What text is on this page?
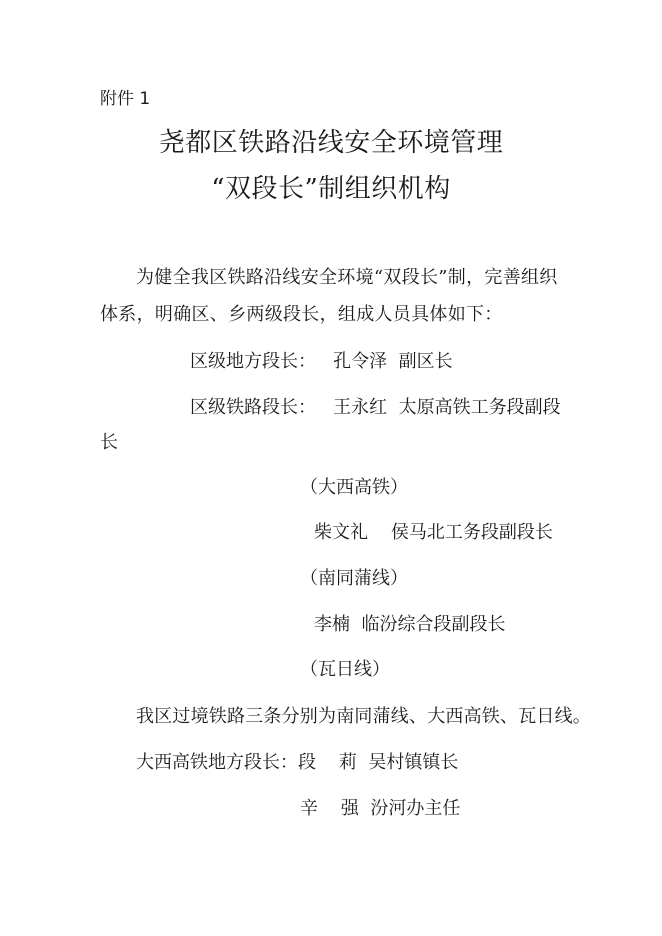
附件 1
尧都区铁路沿线安全环境管理
“双段长”制组织机构
为健全我区铁路沿线安全环境“双段长”制，完善组织
体系，明确区、乡两级段长，组成人员具体如下：
区级地方段长：   孔令泽  副区长
区级铁路段长：   王永红  太原高铁工务段副段
长
（大西高铁）
柴文礼    侯马北工务段副段长
（南同蒲线）
李楠  临汾综合段副段长
（瓦日线）
我区过境铁路三条分别为南同蒲线、大西高铁、瓦日线。
大西高铁地方段长：段    莉  吴村镇镇长
辛    强  汾河办主任
